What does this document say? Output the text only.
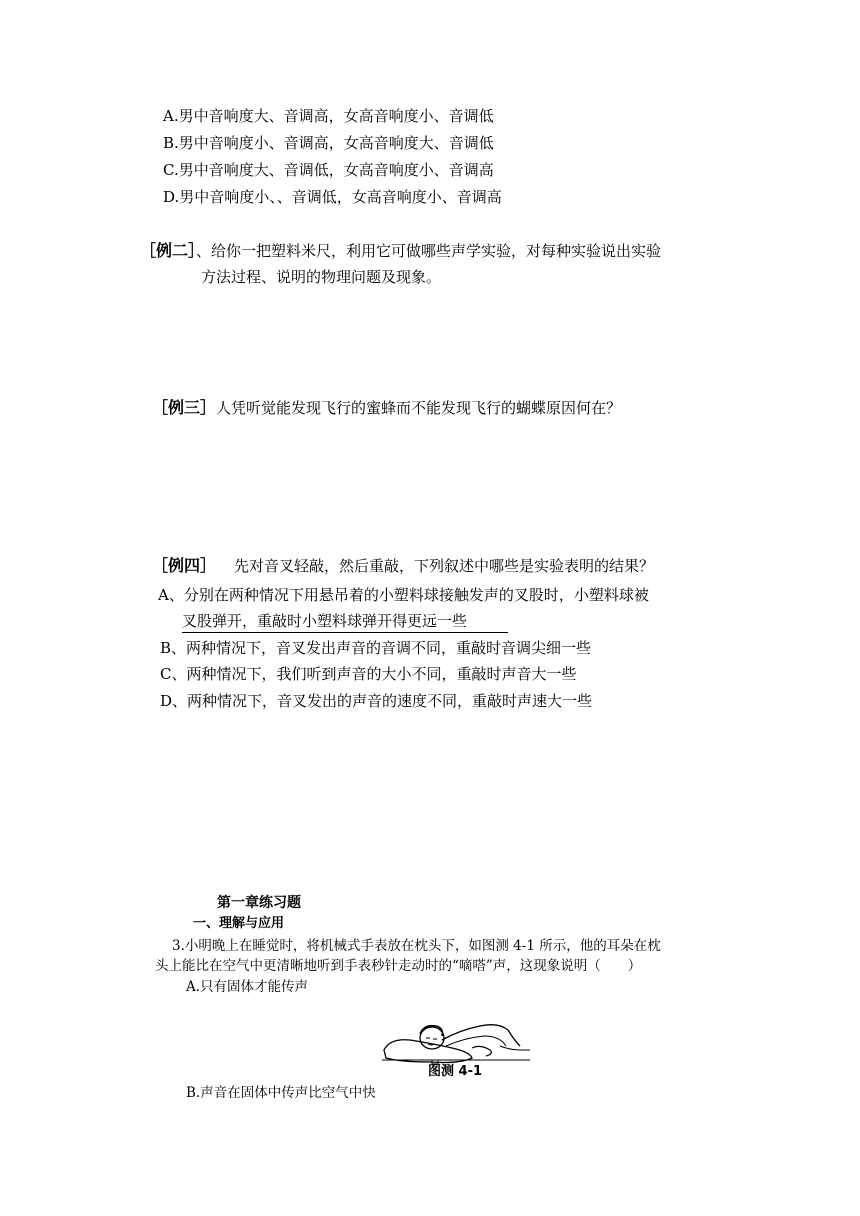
A.男中音响度大、音调高，女高音响度小、音调低
B.男中音响度小、音调高，女高音响度大、音调低
C.男中音响度大、音调低，女高音响度小、音调高
D.男中音响度小、、音调低，女高音响度小、音调高
［例二］、给你一把塑料米尺，利用它可做哪些声学实验，对每种实验说出实验
方法过程、说明的物理问题及现象。
［例三］人凭听觉能发现飞行的蜜蜂而不能发现飞行的蝴蝶原因何在？
［例四］ 先对音叉轻敲，然后重敲，下列叙述中哪些是实验表明的结果？
A、分别在两种情况下用悬吊着的小塑料球接触发声的叉股时，小塑料球被
叉股弹开，重敲时小塑料球弹开得更远一些
B、两种情况下，音叉发出声音的音调不同，重敲时音调尖细一些
C、两种情况下，我们听到声音的大小不同，重敲时声音大一些
D、两种情况下，音叉发出的声音的速度不同，重敲时声速大一些
第一章练习题
一、理解与应用
3.小明晚上在睡觉时，将机械式手表放在枕头下，如图测 4-1 所示，他的耳朵在枕
头上能比在空气中更清晰地听到手表秒针走动时的“嘀嗒”声，这现象说明（　　）
A.只有固体才能传声
图测 4-1
B.声音在固体中传声比空气中快
